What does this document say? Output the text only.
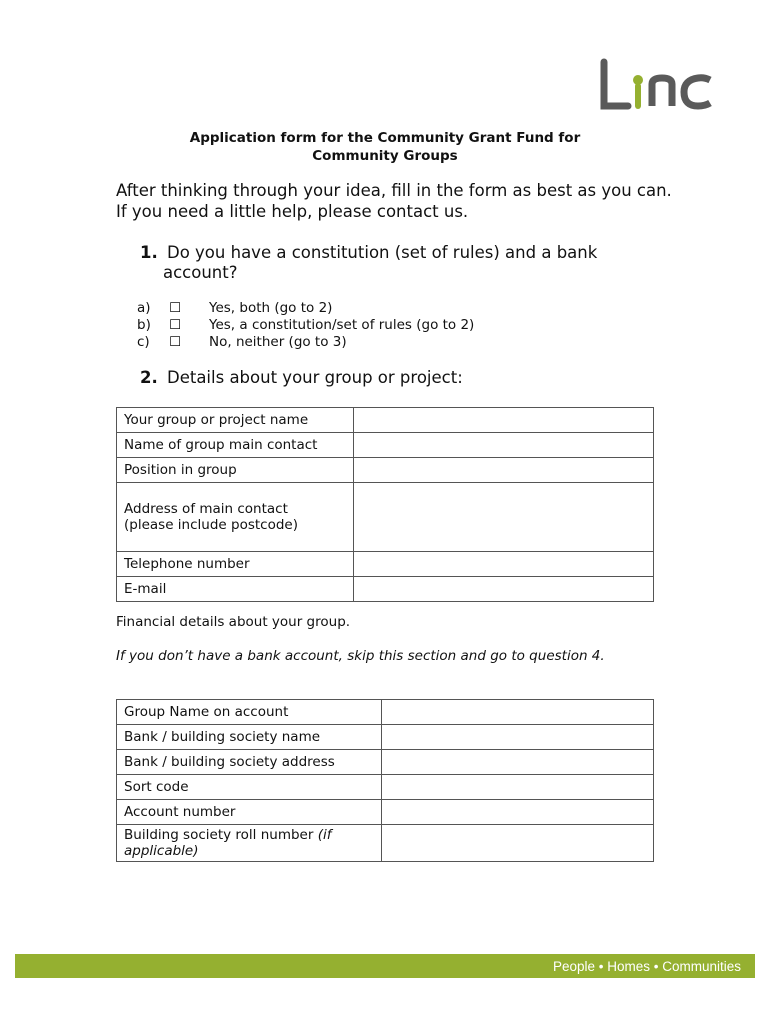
Application form for the Community Grant Fund for
Community Groups
After thinking through your idea, fill in the form as best as you can. If you need a little help, please contact us.
1. Do you have a constitution (set of rules) and a bank
account?
a)	☐	Yes, both (go to 2)
b)	☐	Yes, a constitution/set of rules (go to 2)
c)	☐	No, neither (go to 3)
2. Details about your group or project:
Your group or project name	
Name of group main contact	
Position in group	

Address of main contact
(please include postcode)	

Telephone number	
E-mail	
Financial details about your group.
If you don’t have a bank account, skip this section and go to question 4.
Group Name on account	
Bank / building society name	
Bank / building society address	
Sort code	
Account number	
Building society roll number (if applicable)	
People • Homes • Communities
